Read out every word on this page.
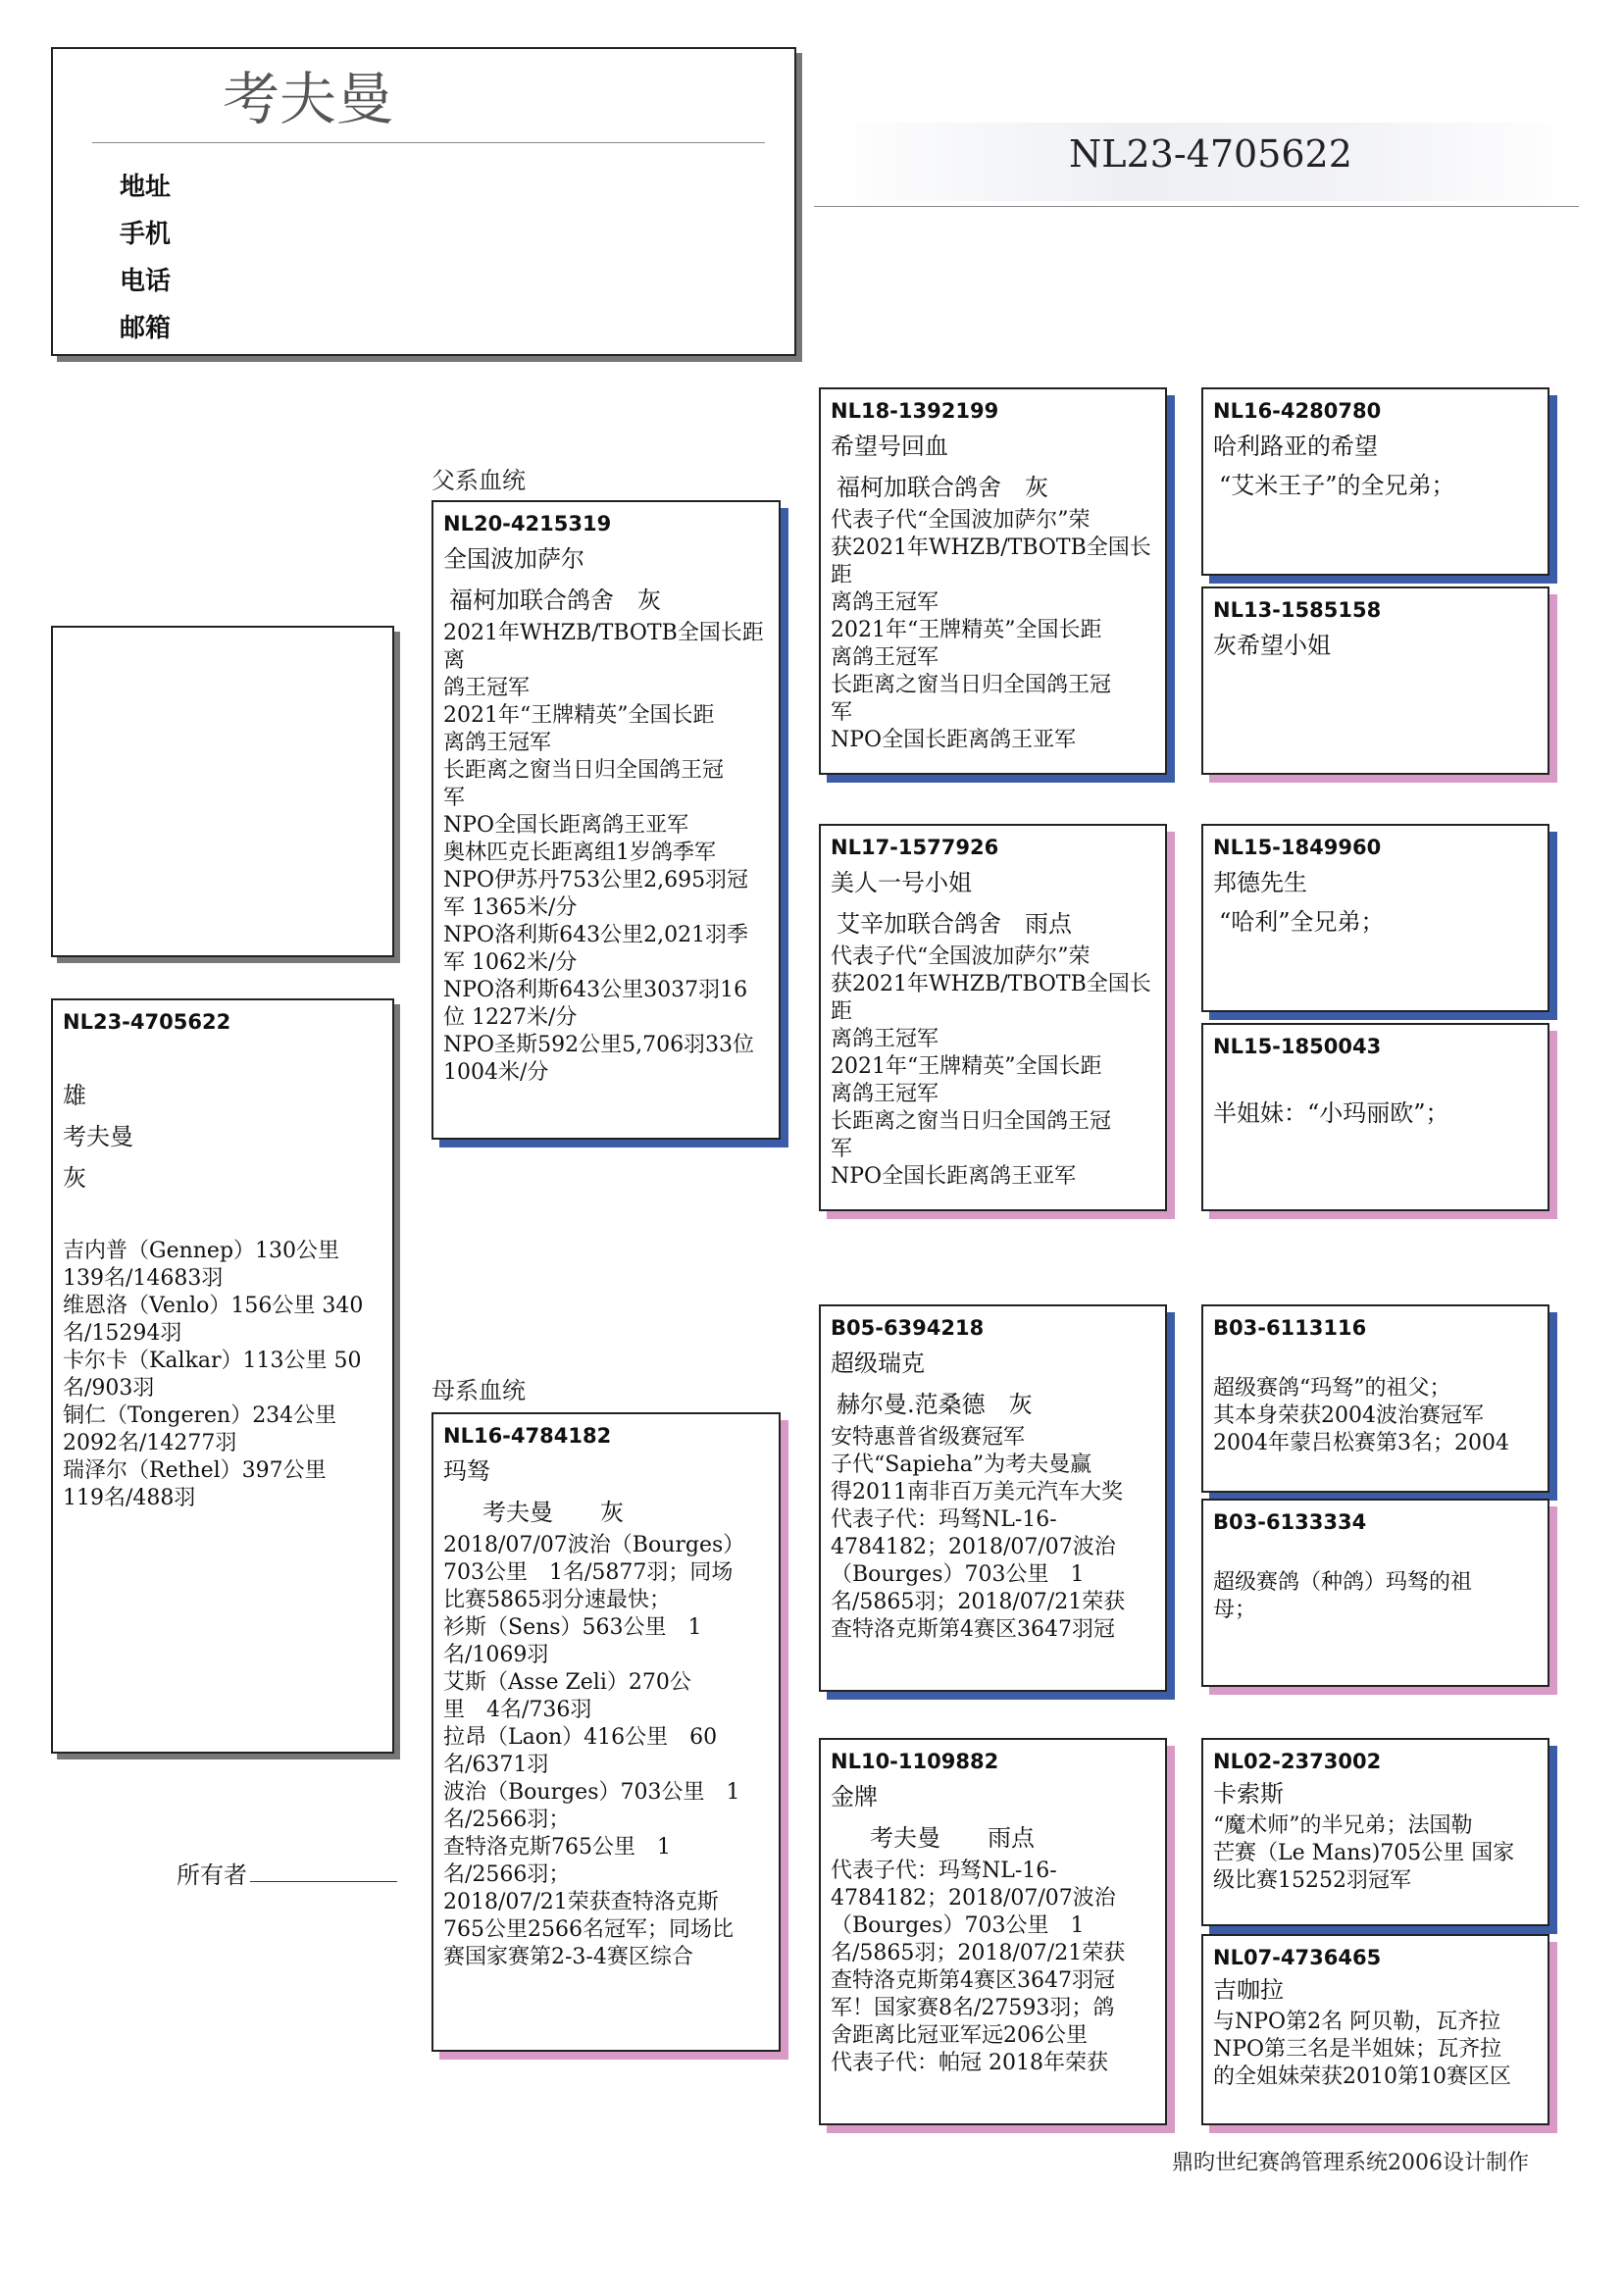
考夫曼
地址
手机
电话
邮箱
NL23-4705622
NL23-4705622
雄
考夫曼
灰
吉内普（Gennep）130公里
139名/14683羽
维恩洛（Venlo）156公里 340
名/15294羽
卡尔卡（Kalkar）113公里 50
名/903羽
铜仁（Tongeren）234公里
2092名/14277羽
瑞泽尔（Rethel）397公里
119名/488羽
所有者
父系血统
母系血统
NL20-4215319
全国波加萨尔
福柯加联合鸽舍　灰
2021年WHZB/TBOTB全国长距离
鸽王冠军
2021年“王牌精英”全国长距
离鸽王冠军
长距离之窗当日归全国鸽王冠
军
NPO全国长距离鸽王亚军
奥林匹克长距离组1岁鸽季军
NPO伊苏丹753公里2,695羽冠
军 1365米/分
NPO洛利斯643公里2,021羽季
军 1062米/分
NPO洛利斯643公里3037羽16
位 1227米/分
NPO圣斯592公里5,706羽33位
1004米/分
NL16-4784182
玛驽
考夫曼　　灰
2018/07/07波治（Bourges）
703公里　1名/5877羽；同场
比赛5865羽分速最快；
衫斯（Sens）563公里　1
名/1069羽
艾斯（Asse Zeli）270公
里　4名/736羽
拉昂（Laon）416公里　60
名/6371羽
波治（Bourges）703公里　1
名/2566羽；
查特洛克斯765公里　1
名/2566羽；
2018/07/21荣获查特洛克斯
765公里2566名冠军；同场比
赛国家赛第2-3-4赛区综合
NL18-1392199
希望号回血
福柯加联合鸽舍　灰
代表子代“全国波加萨尔”荣
获2021年WHZB/TBOTB全国长距
离鸽王冠军
2021年“王牌精英”全国长距
离鸽王冠军
长距离之窗当日归全国鸽王冠
军
NPO全国长距离鸽王亚军
NL17-1577926
美人一号小姐
艾辛加联合鸽舍　雨点
代表子代“全国波加萨尔”荣
获2021年WHZB/TBOTB全国长距
离鸽王冠军
2021年“王牌精英”全国长距
离鸽王冠军
长距离之窗当日归全国鸽王冠
军
NPO全国长距离鸽王亚军
B05-6394218
超级瑞克
赫尔曼.范桑德　灰
安特惠普省级赛冠军
子代“Sapieha”为考夫曼赢
得2011南非百万美元汽车大奖
代表子代：玛驽NL-16-
4784182；2018/07/07波治
（Bourges）703公里　1
名/5865羽；2018/07/21荣获
查特洛克斯第4赛区3647羽冠
NL10-1109882
金牌
考夫曼　　雨点
代表子代：玛驽NL-16-
4784182；2018/07/07波治
（Bourges）703公里　1
名/5865羽；2018/07/21荣获
查特洛克斯第4赛区3647羽冠
军！国家赛8名/27593羽；鸽
舍距离比冠亚军远206公里
代表子代：帕冠 2018年荣获
NL16-4280780
哈利路亚的希望
“艾米王子”的全兄弟；
NL13-1585158
灰希望小姐
NL15-1849960
邦德先生
“哈利”全兄弟；
NL15-1850043
半姐妹：“小玛丽欧”；
B03-6113116
超级赛鸽“玛驽”的祖父；
其本身荣获2004波治赛冠军
2004年蒙吕松赛第3名；2004
B03-6133334
超级赛鸽（种鸽）玛驽的祖
母；
NL02-2373002
卡索斯
“魔术师”的半兄弟；法国勒
芒赛（Le Mans)705公里 国家
级比赛15252羽冠军
NL07-4736465
吉咖拉
与NPO第2名 阿贝勒，瓦齐拉
NPO第三名是半姐妹；瓦齐拉
的全姐妹荣获2010第10赛区区
鼎昀世纪赛鸽管理系统2006设计制作
